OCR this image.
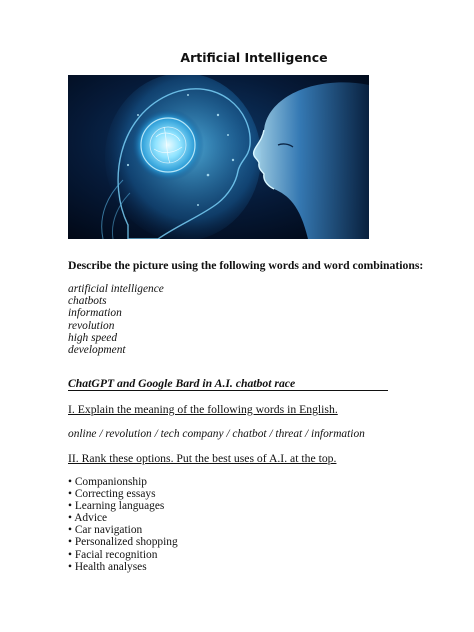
Artificial Intelligence
Describe the picture using the following words and word combinations:
artificial intelligence
chatbots
information
revolution
high speed
development
ChatGPT and Google Bard in A.I. chatbot race
I. Explain the meaning of the following words in English.
online / revolution / tech company / chatbot / threat / information
II. Rank these options. Put the best uses of A.I. at the top.
• Companionship
• Correcting essays
• Learning languages
• Advice
• Car navigation
• Personalized shopping
• Facial recognition
• Health analyses
